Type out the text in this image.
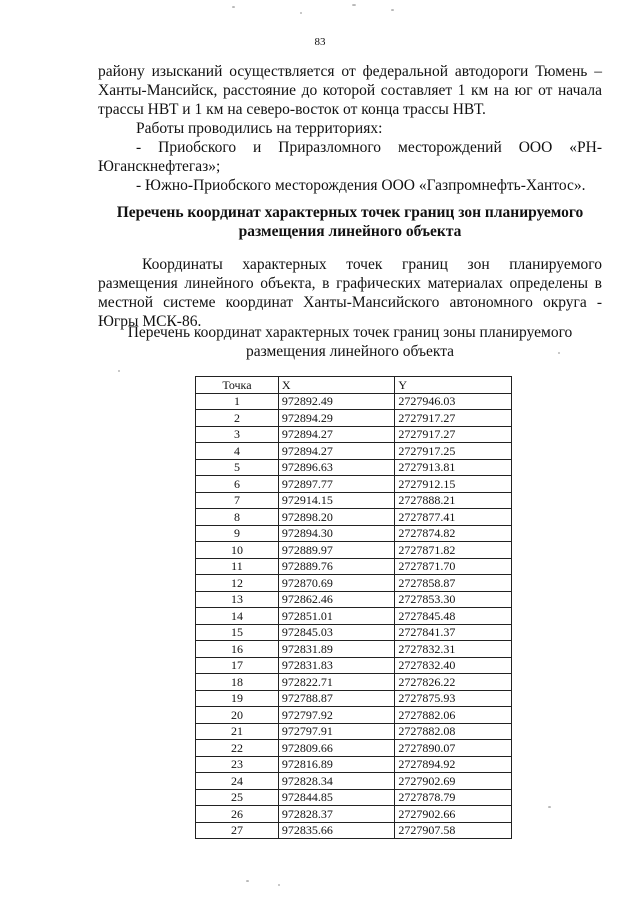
83

району изысканий осуществляется от федеральной автодороги Тюмень – Ханты-Мансийск, расстояние до которой составляет 1 км на юг от начала трассы НВТ и 1 км на северо-восток от конца трассы НВТ.

Работы проводились на территориях:

- Приобского и Приразломного месторождений ООО «РН-Юганскнефтегаз»;

- Южно-Приобского месторождения ООО «Газпромнефть-Хантос».

Перечень координат характерных точек границ зон планируемого размещения линейного объекта

Координаты характерных точек границ зон планируемого размещения линейного объекта, в графических материалах определены в местной системе координат Ханты-Мансийского автономного округа - Югры МСК-86.

Перечень координат характерных точек границ зоны планируемого размещения линейного объекта

Точка	X	Y
1	972892.49	2727946.03
2	972894.29	2727917.27
3	972894.27	2727917.27
4	972894.27	2727917.25
5	972896.63	2727913.81
6	972897.77	2727912.15
7	972914.15	2727888.21
8	972898.20	2727877.41
9	972894.30	2727874.82
10	972889.97	2727871.82
11	972889.76	2727871.70
12	972870.69	2727858.87
13	972862.46	2727853.30
14	972851.01	2727845.48
15	972845.03	2727841.37
16	972831.89	2727832.31
17	972831.83	2727832.40
18	972822.71	2727826.22
19	972788.87	2727875.93
20	972797.92	2727882.06
21	972797.91	2727882.08
22	972809.66	2727890.07
23	972816.89	2727894.92
24	972828.34	2727902.69
25	972844.85	2727878.79
26	972828.37	2727902.66
27	972835.66	2727907.58
